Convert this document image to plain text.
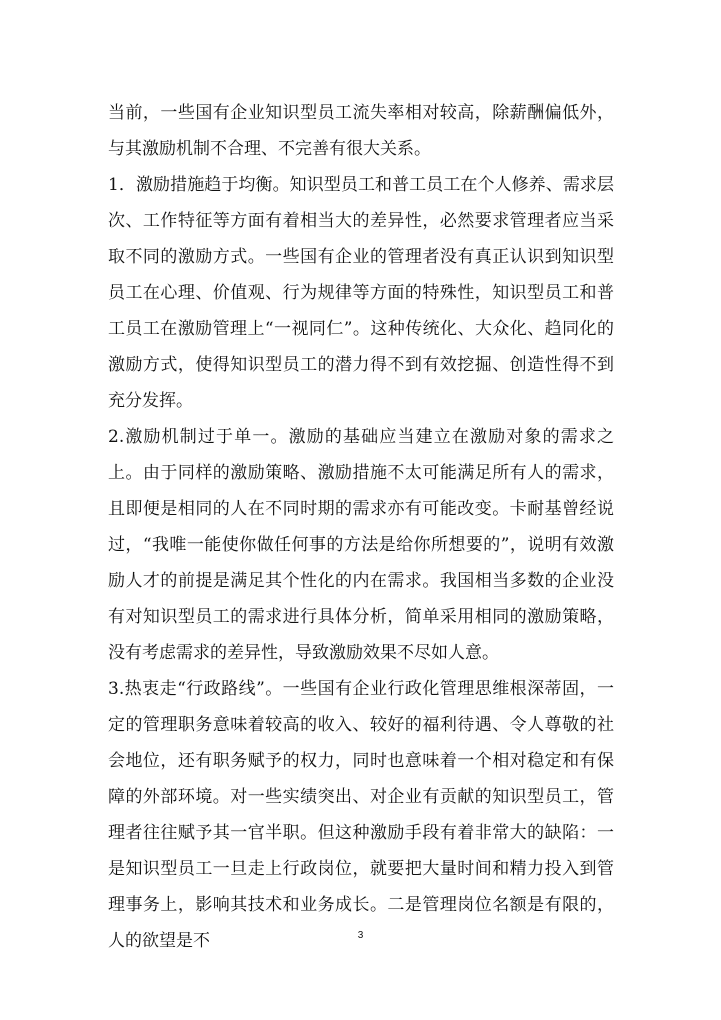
当前，一些国有企业知识型员工流失率相对较高，除薪酬偏低外，与其激励机制不合理、不完善有很大关系。

1．激励措施趋于均衡。知识型员工和普工员工在个人修养、需求层次、工作特征等方面有着相当大的差异性，必然要求管理者应当采取不同的激励方式。一些国有企业的管理者没有真正认识到知识型员工在心理、价值观、行为规律等方面的特殊性，知识型员工和普工员工在激励管理上“一视同仁”。这种传统化、大众化、趋同化的激励方式，使得知识型员工的潜力得不到有效挖掘、创造性得不到充分发挥。

2.激励机制过于单一。激励的基础应当建立在激励对象的需求之上。由于同样的激励策略、激励措施不太可能满足所有人的需求，且即便是相同的人在不同时期的需求亦有可能改变。卡耐基曾经说过，“我唯一能使你做任何事的方法是给你所想要的”，说明有效激励人才的前提是满足其个性化的内在需求。我国相当多数的企业没有对知识型员工的需求进行具体分析，简单采用相同的激励策略，没有考虑需求的差异性，导致激励效果不尽如人意。

3.热衷走“行政路线”。一些国有企业行政化管理思维根深蒂固，一定的管理职务意味着较高的收入、较好的福利待遇、令人尊敬的社会地位，还有职务赋予的权力，同时也意味着一个相对稳定和有保障的外部环境。对一些实绩突出、对企业有贡献的知识型员工，管理者往往赋予其一官半职。但这种激励手段有着非常大的缺陷：一是知识型员工一旦走上行政岗位，就要把大量时间和精力投入到管理事务上，影响其技术和业务成长。二是管理岗位名额是有限的，人的欲望是不	3
